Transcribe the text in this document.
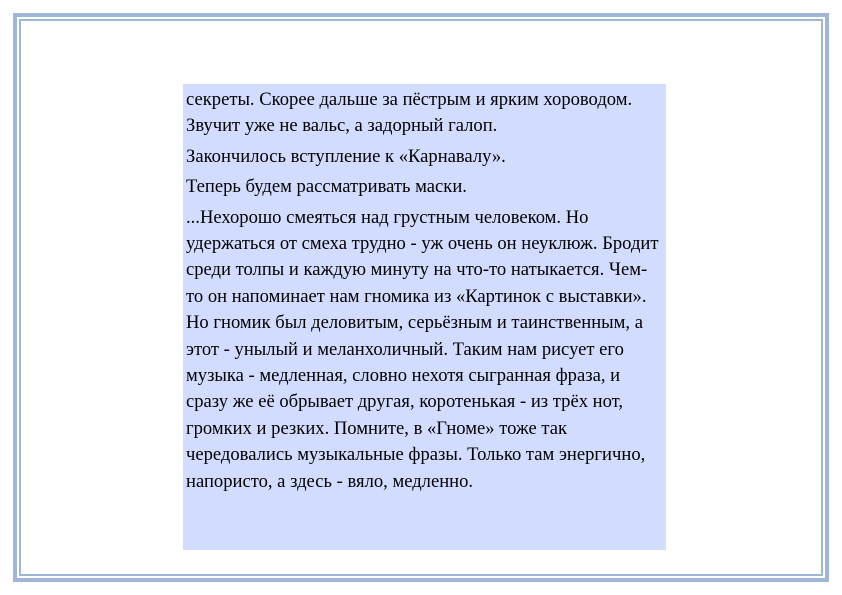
секреты. Скорее дальше за пёстрым и ярким хороводом. Звучит уже не вальс, а задорный галоп.

Закончилось вступление к «Карнавалу».

Теперь будем рассматривать маски.

...Нехорошо смеяться над грустным человеком. Но удержаться от смеха трудно - уж очень он неуклюж. Бродит среди толпы и каждую минуту на что-то натыкается. Чем-то он напоминает нам гномика из «Картинок с выставки». Но гномик был деловитым, серьёзным и таинственным, а этот - унылый и меланхоличный. Таким нам рисует его музыка - медленная, словно нехотя сыгранная фраза, и сразу же её обрывает другая, коротенькая - из трёх нот, громких и резких. Помните, в «Гноме» тоже так чередовались музыкальные фразы. Только там энергично, напористо, а здесь - вяло, медленно.
